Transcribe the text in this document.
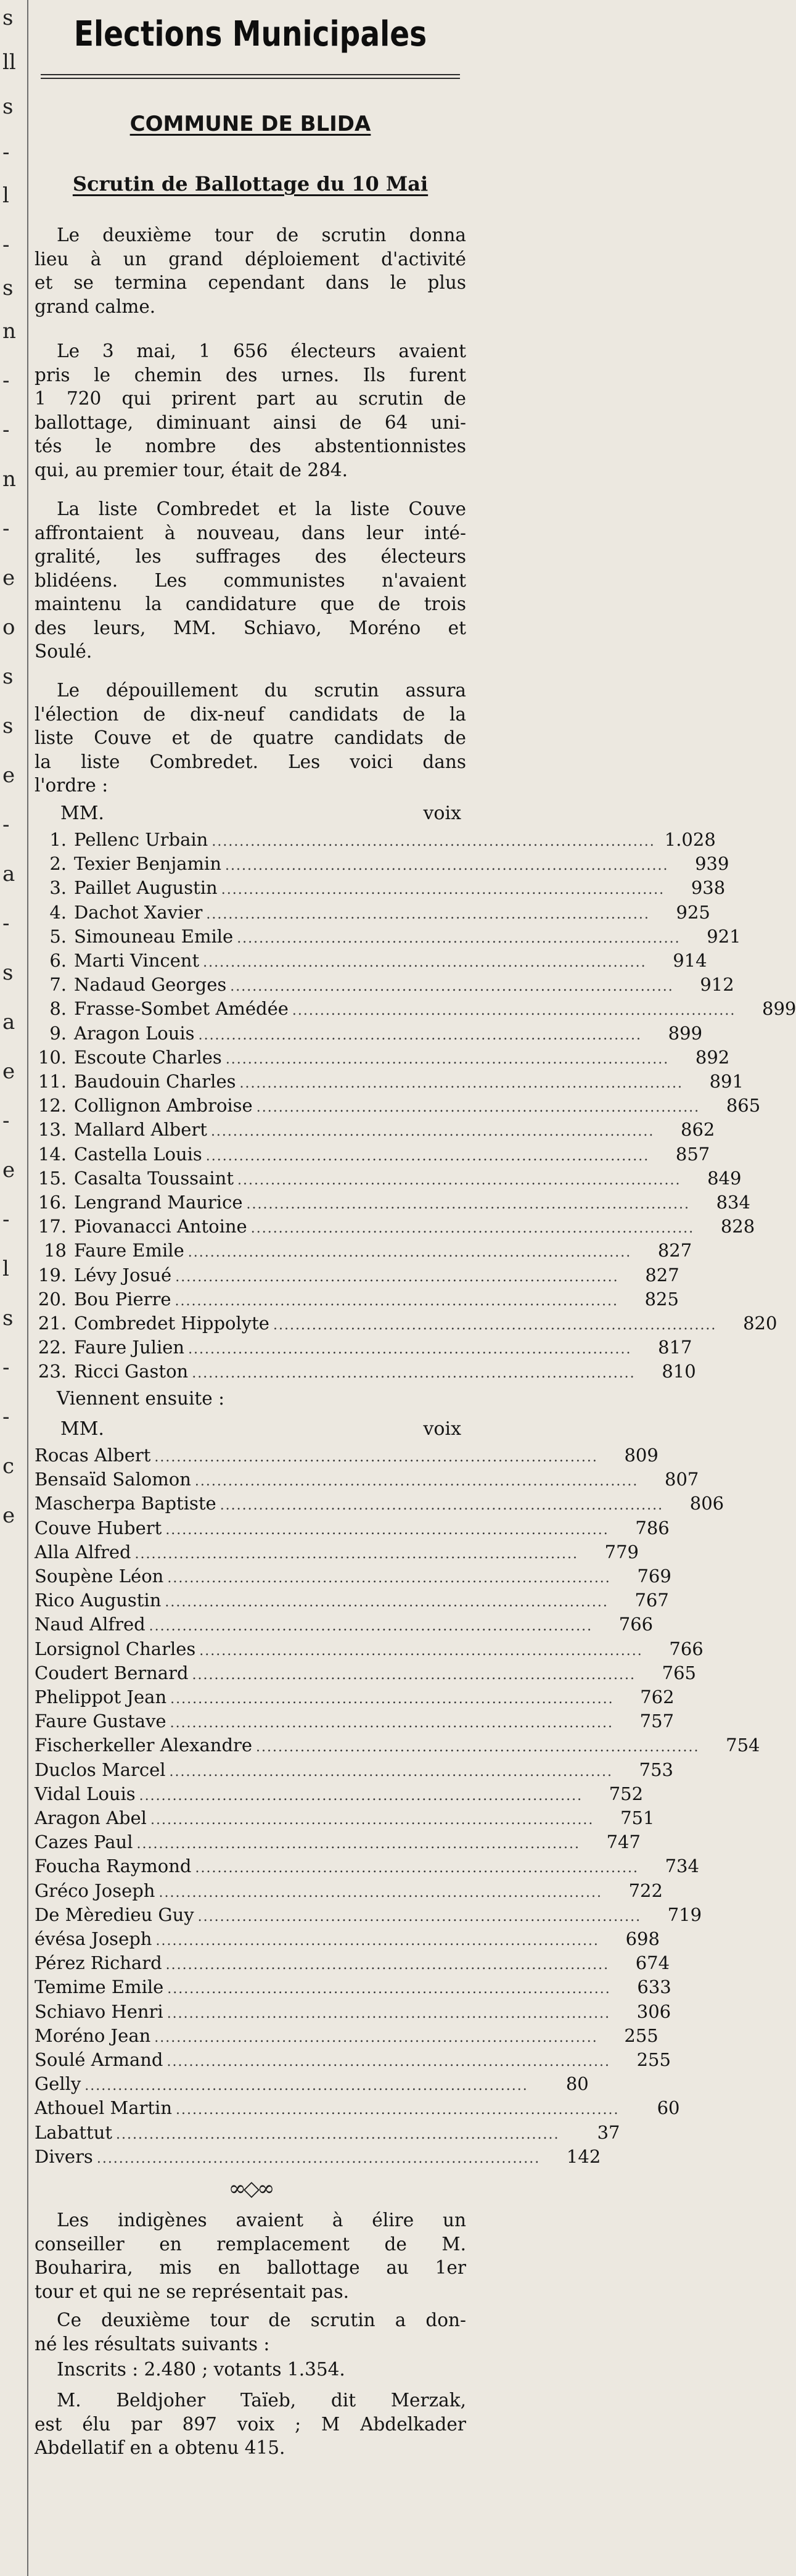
s
ll
s
-
l
-
s
n
-
-
n
-
e
o
s
s
e
-
a
-
s
a
e
-
e
-
l
s
-
-
c
e
Elections Municipales
COMMUNE DE BLIDA
Scrutin de Ballottage du 10 Mai
Le deuxième tour de scrutin donna
lieu à un grand déploiement d'activité
et se termina cependant dans le plus
grand calme.
Le 3 mai, 1 656 électeurs avaient
pris le chemin des urnes. Ils furent
1 720 qui prirent part au scrutin de
ballottage, diminuant ainsi de 64 uni-
tés le nombre des abstentionnistes
qui, au premier tour, était de 284.
La liste Combredet et la liste Couve
affrontaient à nouveau, dans leur inté-
gralité, les suffrages des électeurs
blidéens. Les communistes n'avaient
maintenu la candidature que de trois
des leurs, MM. Schiavo, Moréno et
Soulé.
Le dépouillement du scrutin assura
l'élection de dix-neuf candidats de la
liste Couve et de quatre candidats de
la liste Combredet. Les voici dans
l'ordre :
MM.	voix
1. Pellenc Urbain ................................................................................ 1.028
2. Texier Benjamin ................................................................................	939
3. Paillet Augustin ................................................................................	938
4. Dachot Xavier ................................................................................	925
5. Simouneau Emile ................................................................................	921
6. Marti Vincent ................................................................................	914
7. Nadaud Georges ................................................................................	912
8. Frasse-Sombet Amédée ................................................................................	899
9. Aragon Louis ................................................................................	899
10. Escoute Charles ................................................................................	892
11. Baudouin Charles ................................................................................	891
12. Collignon Ambroise ................................................................................	865
13. Mallard Albert ................................................................................	862
14. Castella Louis ................................................................................	857
15. Casalta Toussaint ................................................................................	849
16. Lengrand Maurice ................................................................................	834
17. Piovanacci Antoine ................................................................................	828
18 Faure Emile ................................................................................	827
19. Lévy Josué ................................................................................	827
20. Bou Pierre ................................................................................	825
21. Combredet Hippolyte ................................................................................	820
22. Faure Julien ................................................................................	817
23. Ricci Gaston ................................................................................	810
Viennent ensuite :
MM.	voix
Rocas Albert ................................................................................	809
Bensaïd Salomon ................................................................................	807
Mascherpa Baptiste ................................................................................	806
Couve Hubert ................................................................................	786
Alla Alfred ................................................................................	779
Soupène Léon ................................................................................	769
Rico Augustin ................................................................................	767
Naud Alfred ................................................................................	766
Lorsignol Charles ................................................................................	766
Coudert Bernard ................................................................................	765
Phelippot Jean ................................................................................	762
Faure Gustave ................................................................................	757
Fischerkeller Alexandre ................................................................................	754
Duclos Marcel ................................................................................	753
Vidal Louis ................................................................................	752
Aragon Abel ................................................................................	751
Cazes Paul ................................................................................	747
Foucha Raymond ................................................................................	734
Gréco Joseph ................................................................................	722
De Mèredieu Guy ................................................................................	719
évésa Joseph ................................................................................	698
Pérez Richard ................................................................................	674
Temime Emile ................................................................................	633
Schiavo Henri ................................................................................	306
Moréno Jean ................................................................................	255
Soulé Armand ................................................................................	255
Gelly ................................................................................	80
Athouel Martin ................................................................................	60
Labattut ................................................................................	37
Divers ................................................................................	142
∞◇∞
Les indigènes avaient à élire un
conseiller en remplacement de M.
Bouharira, mis en ballottage au 1er
tour et qui ne se représentait pas.
Ce deuxième tour de scrutin a don-
né les résultats suivants :
Inscrits : 2.480 ; votants 1.354.
M. Beldjoher Taïeb, dit Merzak,
est élu par 897 voix ; M Abdelkader
Abdellatif en a obtenu 415.
